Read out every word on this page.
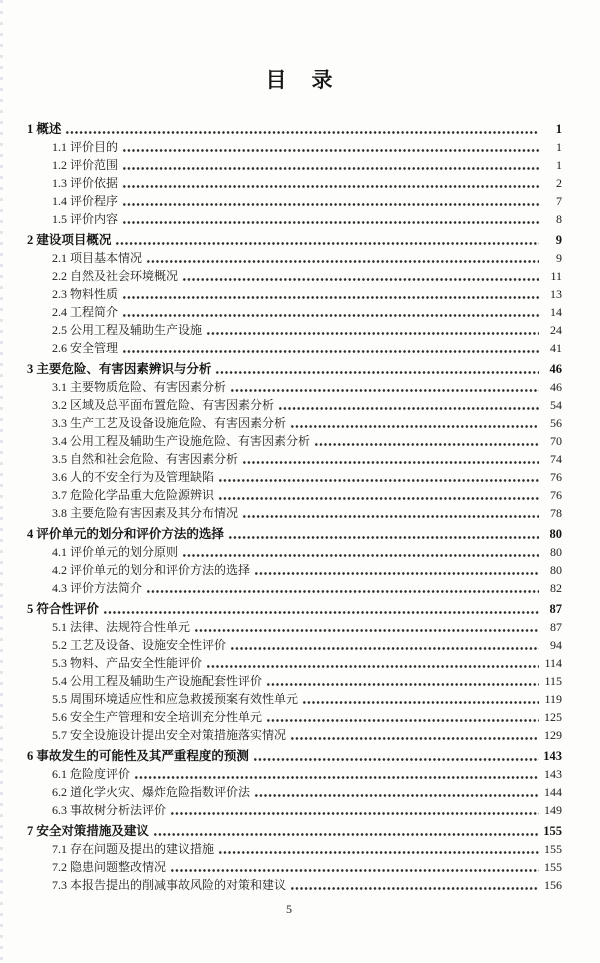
目　录
1 概述	1
1.1 评价目的	1
1.2 评价范围	1
1.3 评价依据	2
1.4 评价程序	7
1.5 评价内容	8
2 建设项目概况	9
2.1 项目基本情况	9
2.2 自然及社会环境概况	11
2.3 物料性质	13
2.4 工程简介	14
2.5 公用工程及辅助生产设施	24
2.6 安全管理	41
3 主要危险、有害因素辨识与分析	46
3.1 主要物质危险、有害因素分析	46
3.2 区域及总平面布置危险、有害因素分析	54
3.3 生产工艺及设备设施危险、有害因素分析	56
3.4 公用工程及辅助生产设施危险、有害因素分析	70
3.5 自然和社会危险、有害因素分析	74
3.6 人的不安全行为及管理缺陷	76
3.7 危险化学品重大危险源辨识	76
3.8 主要危险有害因素及其分布情况	78
4 评价单元的划分和评价方法的选择	80
4.1 评价单元的划分原则	80
4.2 评价单元的划分和评价方法的选择	80
4.3 评价方法简介	82
5 符合性评价	87
5.1 法律、法规符合性单元	87
5.2 工艺及设备、设施安全性评价	94
5.3 物料、产品安全性能评价	114
5.4 公用工程及辅助生产设施配套性评价	115
5.5 周围环境适应性和应急救援预案有效性单元	119
5.6 安全生产管理和安全培训充分性单元	125
5.7 安全设施设计提出安全对策措施落实情况	129
6 事故发生的可能性及其严重程度的预测	143
6.1 危险度评价	143
6.2 道化学火灾、爆炸危险指数评价法	144
6.3 事故树分析法评价	149
7 安全对策措施及建议	155
7.1 存在问题及提出的建议措施	155
7.2 隐患问题整改情况	155
7.3 本报告提出的削减事故风险的对策和建议	156
5
